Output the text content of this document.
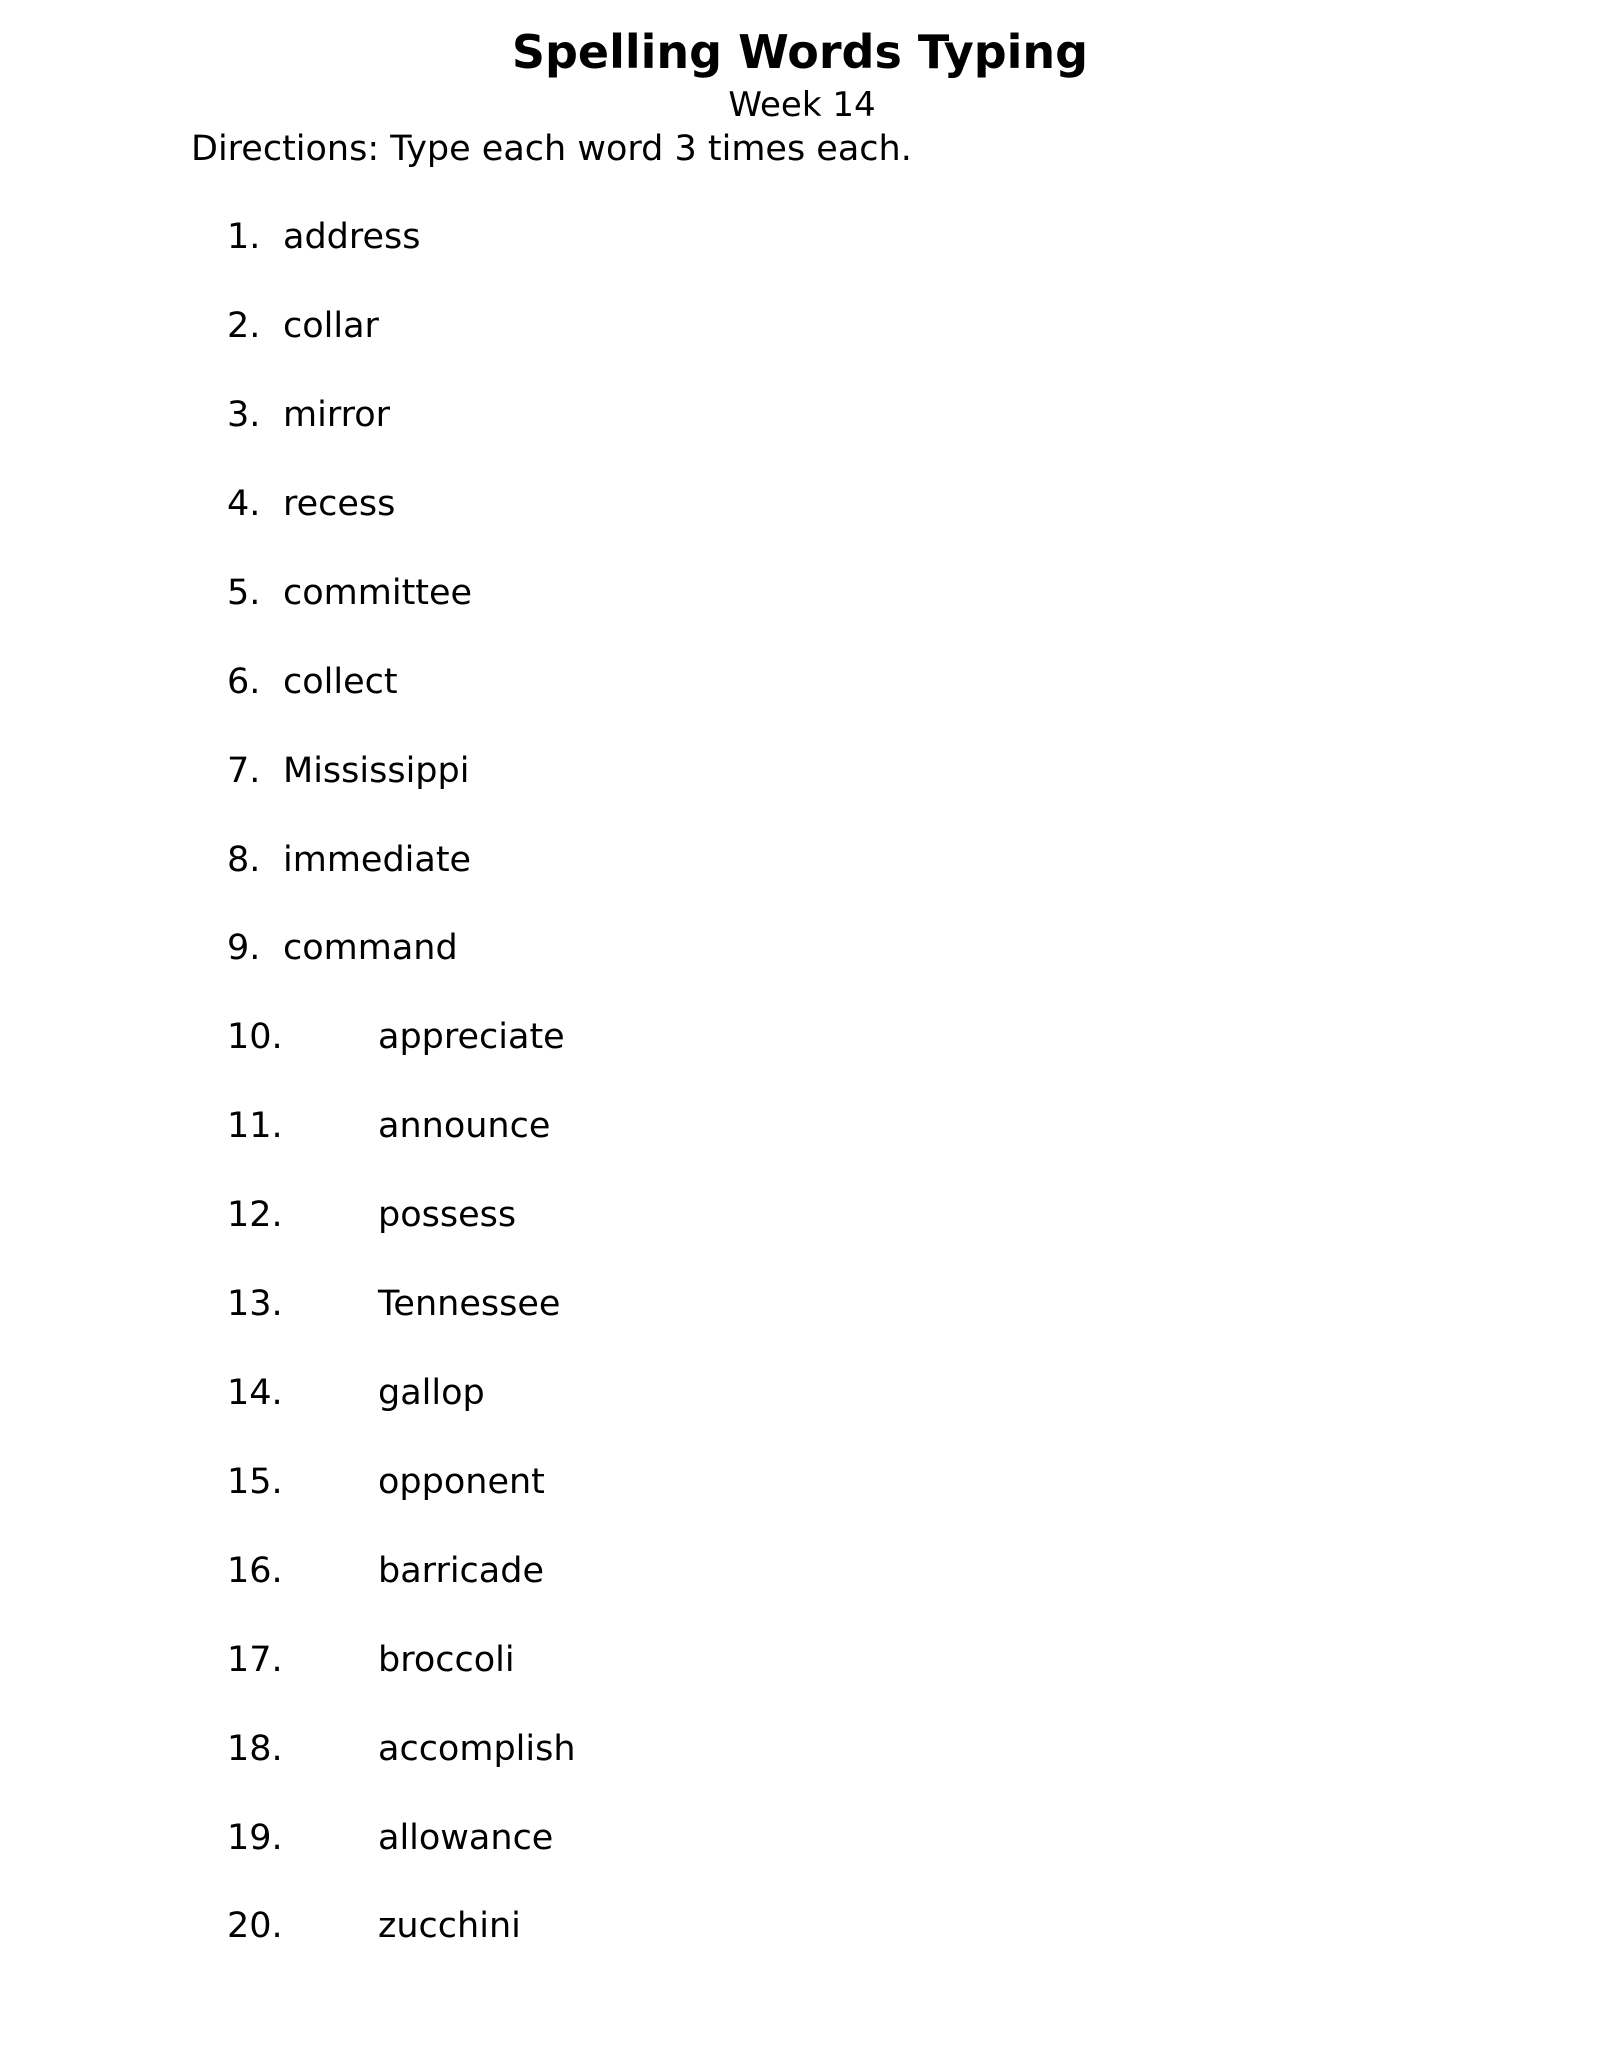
Spelling Words Typing
Week 14
Directions: Type each word 3 times each.
1. address
2. collar
3. mirror
4. recess
5. committee
6. collect
7. Mississippi
8. immediate
9. command
10.	appreciate
11.	announce
12.	possess
13.	Tennessee
14.	gallop
15.	opponent
16.	barricade
17.	broccoli
18.	accomplish
19.	allowance
20.	zucchini
